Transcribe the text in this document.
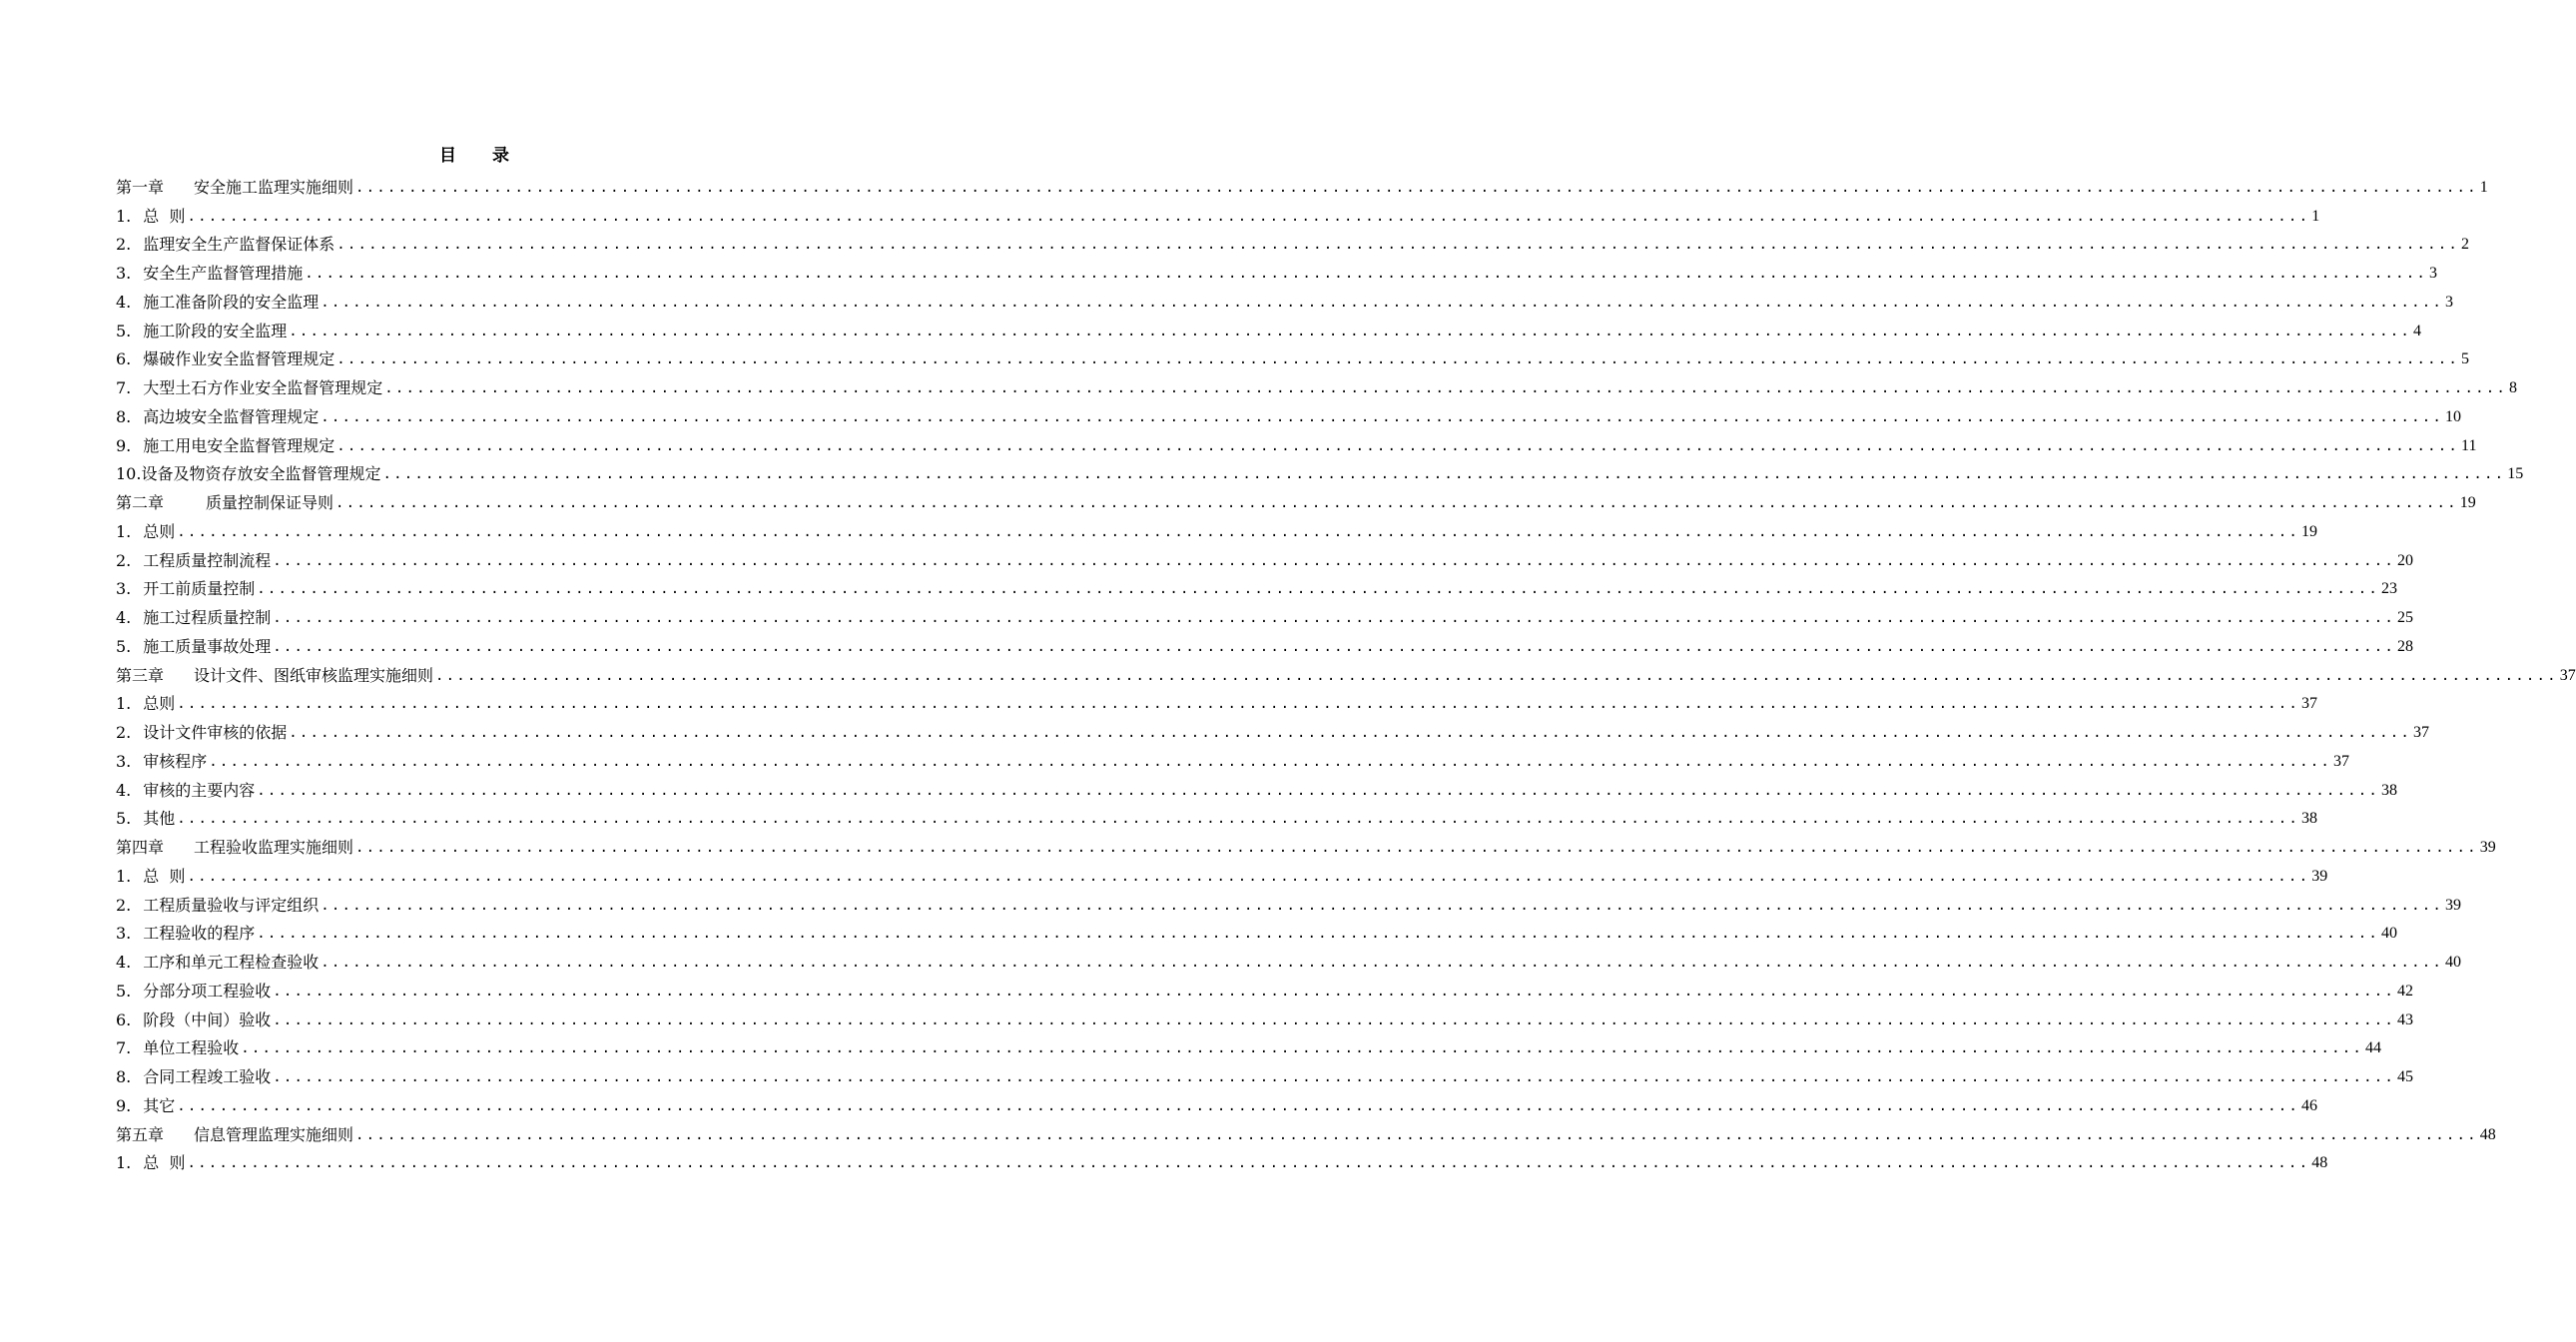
目录
第一章 安全施工监理实施细则 ........................................................................................................................................................................................................ 1
1. 总  则 ........................................................................................................................................................................................................ 1
2. 监理安全生产监督保证体系 ........................................................................................................................................................................................................ 2
3. 安全生产监督管理措施 ........................................................................................................................................................................................................ 3
4. 施工准备阶段的安全监理 ........................................................................................................................................................................................................ 3
5. 施工阶段的安全监理 ........................................................................................................................................................................................................ 4
6. 爆破作业安全监督管理规定 ........................................................................................................................................................................................................ 5
7. 大型土石方作业安全监督管理规定 ........................................................................................................................................................................................................ 8
8. 高边坡安全监督管理规定 ........................................................................................................................................................................................................ 10
9. 施工用电安全监督管理规定 ........................................................................................................................................................................................................ 11
10.设备及物资存放安全监督管理规定 ........................................................................................................................................................................................................ 15
第二章	质量控制保证导则 ........................................................................................................................................................................................................ 19
1. 总则 ........................................................................................................................................................................................................ 19
2. 工程质量控制流程 ........................................................................................................................................................................................................ 20
3. 开工前质量控制 ........................................................................................................................................................................................................ 23
4. 施工过程质量控制 ........................................................................................................................................................................................................ 25
5. 施工质量事故处理 ........................................................................................................................................................................................................ 28
第三章 设计文件、图纸审核监理实施细则 ........................................................................................................................................................................................................ 37
1. 总则 ........................................................................................................................................................................................................ 37
2. 设计文件审核的依据 ........................................................................................................................................................................................................ 37
3. 审核程序 ........................................................................................................................................................................................................ 37
4. 审核的主要内容 ........................................................................................................................................................................................................ 38
5. 其他 ........................................................................................................................................................................................................ 38
第四章 工程验收监理实施细则 ........................................................................................................................................................................................................ 39
1. 总  则 ........................................................................................................................................................................................................ 39
2. 工程质量验收与评定组织 ........................................................................................................................................................................................................ 39
3. 工程验收的程序 ........................................................................................................................................................................................................ 40
4. 工序和单元工程检查验收 ........................................................................................................................................................................................................ 40
5. 分部分项工程验收 ........................................................................................................................................................................................................ 42
6. 阶段（中间）验收 ........................................................................................................................................................................................................ 43
7. 单位工程验收 ........................................................................................................................................................................................................ 44
8. 合同工程竣工验收 ........................................................................................................................................................................................................ 45
9. 其它 ........................................................................................................................................................................................................ 46
第五章 信息管理监理实施细则 ........................................................................................................................................................................................................ 48
1. 总  则 ........................................................................................................................................................................................................ 48
